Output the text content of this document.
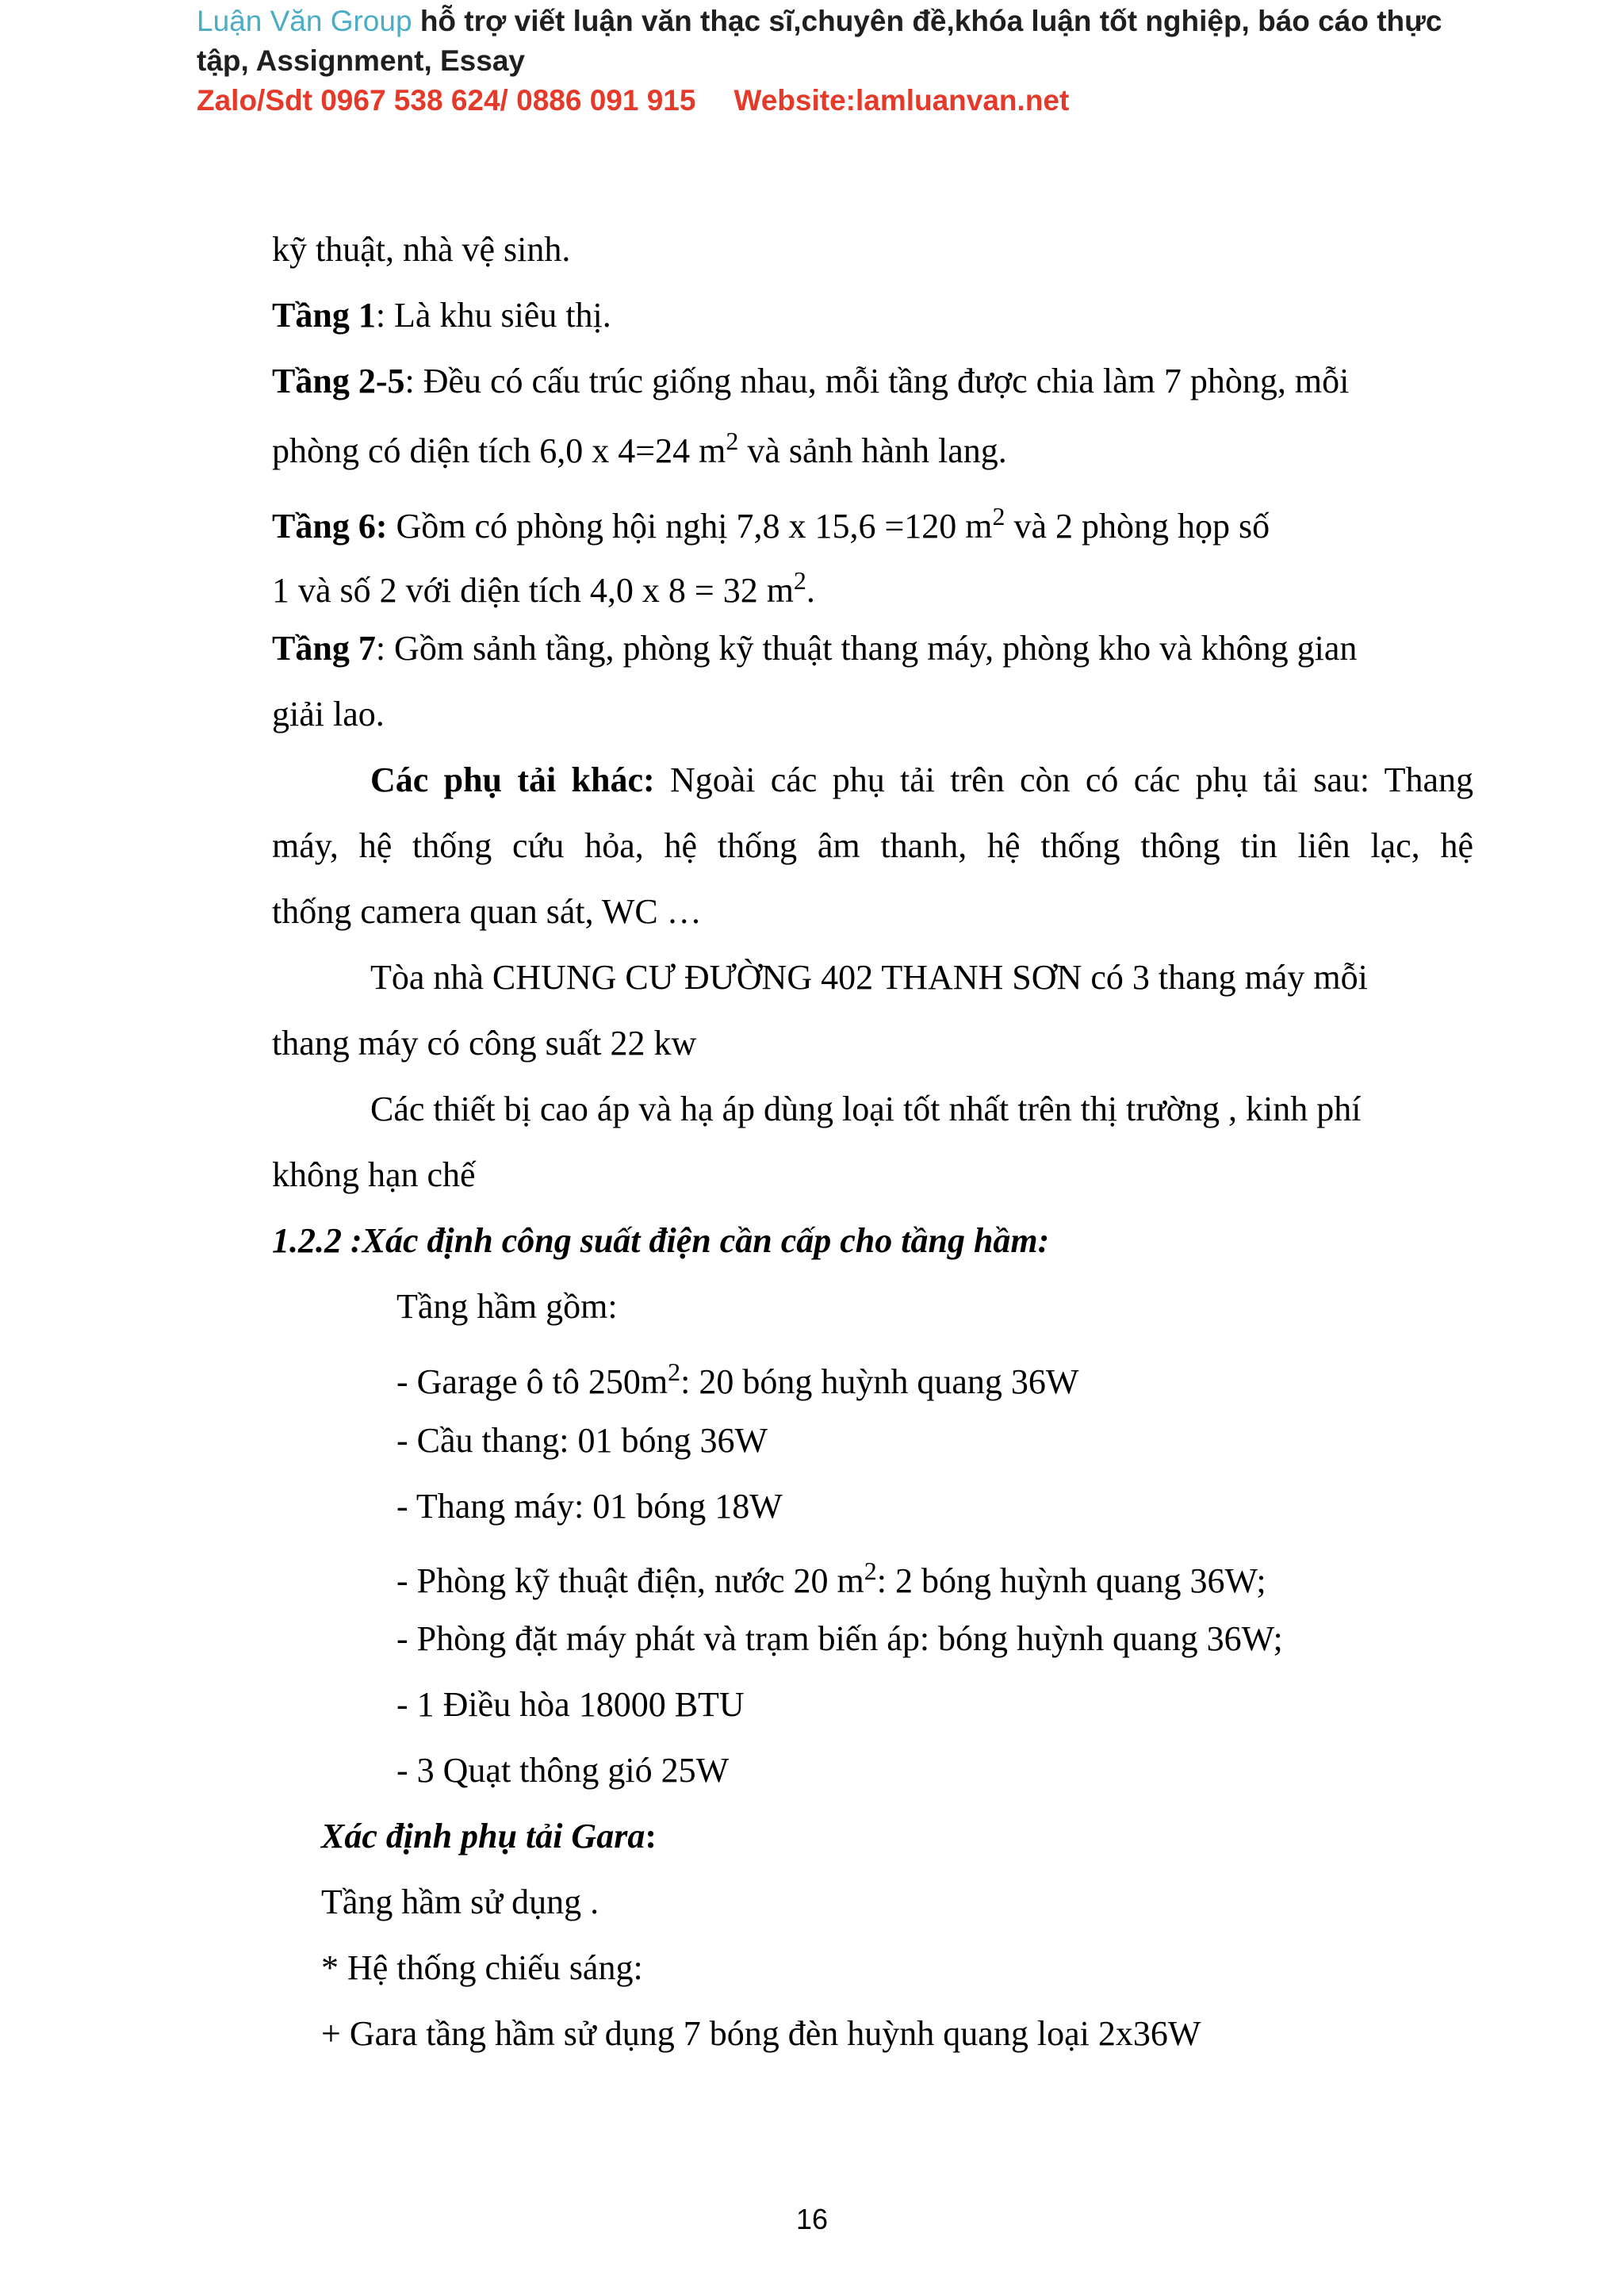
Luận Văn Group hỗ trợ viết luận văn thạc sĩ,chuyên đề,khóa luận tốt nghiệp, báo cáo thực
tập, Assignment, Essay
Zalo/Sdt 0967 538 624/ 0886 091 915 Website:lamluanvan.net
kỹ thuật, nhà vệ sinh.
Tầng 1: Là khu siêu thị.
Tầng 2-5: Đều có cấu trúc giống nhau, mỗi tầng được chia làm 7 phòng, mỗi
phòng có diện tích 6,0 x 4=24 $m^2$ và sảnh hành lang.
Tầng 6: Gồm có phòng hội nghị 7,8 x 15,6 =120 $m^2$ và 2 phòng họp số
1 và số 2 với diện tích 4,0 x 8 = 32 $m^2$.
Tầng 7: Gồm sảnh tầng, phòng kỹ thuật thang máy, phòng kho và không gian
giải lao.
Các phụ tải khác: Ngoài các phụ tải trên còn có các phụ tải sau: Thang
máy, hệ thống cứu hỏa, hệ thống âm thanh, hệ thống thông tin liên lạc, hệ
thống camera quan sát, WC …
Tòa nhà CHUNG CƯ ĐƯỜNG 402 THANH SƠN có 3 thang máy mỗi
thang máy có công suất 22 kw
Các thiết bị cao áp và hạ áp dùng loại tốt nhất trên thị trường , kinh phí
không hạn chế
1.2.2 :Xác định công suất điện cần cấp cho tầng hầm:
Tầng hầm gồm:
- Garage ô tô $250m^2$: 20 bóng huỳnh quang 36W
- Cầu thang: 01 bóng 36W
- Thang máy: 01 bóng 18W
- Phòng kỹ thuật điện, nước 20 $m^2$: 2 bóng huỳnh quang 36W;
- Phòng đặt máy phát và trạm biến áp: bóng huỳnh quang 36W;
- 1 Điều hòa 18000 BTU
- 3 Quạt thông gió 25W
Xác định phụ tải Gara:
Tầng hầm sử dụng .
* Hệ thống chiếu sáng:
+ Gara tầng hầm sử dụng 7 bóng đèn huỳnh quang loại 2x36W
16
